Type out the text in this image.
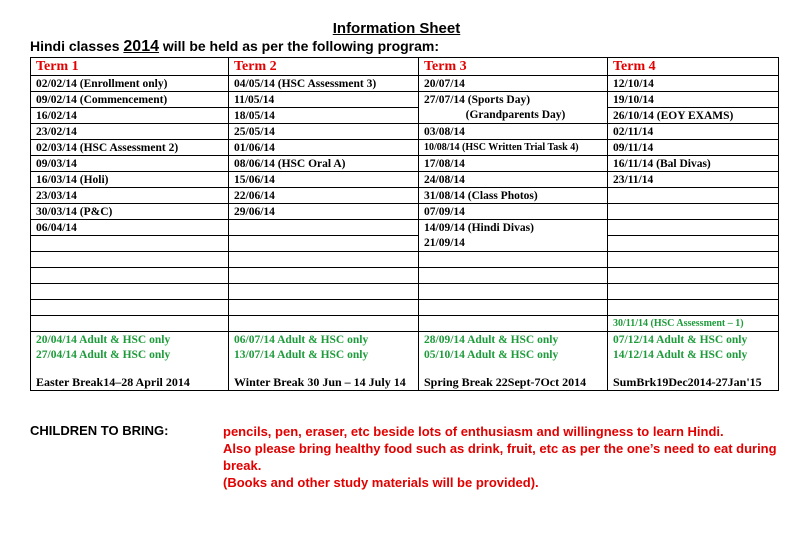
Information Sheet
Hindi classes 2014 will be held as per the following program:
Term 1	Term 2	Term 3	Term 4
02/02/14 (Enrollment only)	04/05/14 (HSC Assessment 3)	20/07/14	12/10/14
09/02/14 (Commencement)	11/05/14	27/07/14 (Sports Day)	19/10/14
16/02/14	18/05/14	(Grandparents Day)	26/10/14 (EOY EXAMS)
23/02/14	25/05/14	03/08/14	02/11/14
02/03/14 (HSC Assessment 2)	01/06/14	10/08/14 (HSC Written Trial Task 4)	09/11/14
09/03/14	08/06/14 (HSC Oral A)	17/08/14	16/11/14 (Bal Divas)
16/03/14 (Holi)	15/06/14	24/08/14	23/11/14
23/03/14	22/06/14	31/08/14 (Class Photos)	
30/03/14 (P&C)	29/06/14	07/09/14	
06/04/14		14/09/14 (Hindi Divas)	
		21/09/14	

			30/11/14 (HSC Assessment – 1)
20/04/14 Adult & HSC only	06/07/14 Adult & HSC only	28/09/14 Adult & HSC only	07/12/14 Adult & HSC only
27/04/14 Adult & HSC only	13/07/14 Adult & HSC only	05/10/14 Adult & HSC only	14/12/14 Adult & HSC only
Easter Break14–28 April 2014	Winter Break 30 Jun – 14 July 14	Spring Break 22Sept-7Oct 2014	SumBrk19Dec2014-27Jan'15
CHILDREN TO BRING:	pencils, pen, eraser, etc beside lots of enthusiasm and willingness to learn Hindi.
Also please bring healthy food such as drink, fruit, etc as per the one’s need to eat during break.
(Books and other study materials will be provided).
